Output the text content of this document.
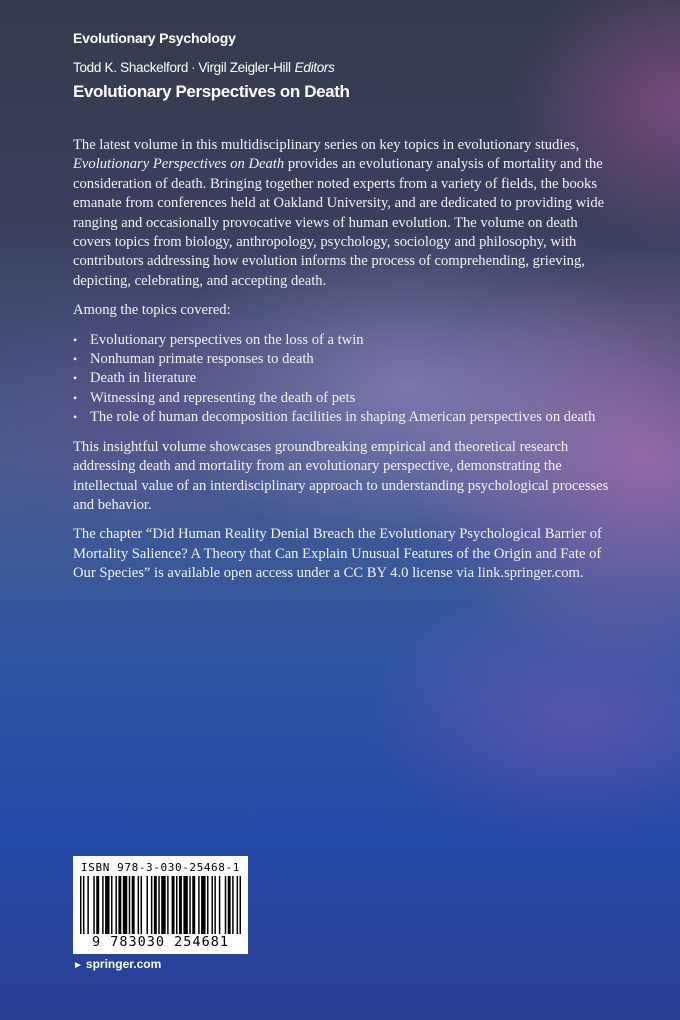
Evolutionary Psychology
Todd K. Shackelford · Virgil Zeigler-Hill Editors
Evolutionary Perspectives on Death

The latest volume in this multidisciplinary series on key topics in evolutionary studies, Evolutionary Perspectives on Death provides an evolutionary analysis of mortality and the consideration of death. Bringing together noted experts from a variety of fields, the books emanate from conferences held at Oakland University, and are dedicated to providing wide ranging and occasionally provocative views of human evolution. The volume on death covers topics from biology, anthropology, psychology, sociology and philosophy, with contributors addressing how evolution informs the process of comprehending, grieving, depicting, celebrating, and accepting death.

Among the topics covered:

• Evolutionary perspectives on the loss of a twin
• Nonhuman primate responses to death
• Death in literature
• Witnessing and representing the death of pets
• The role of human decomposition facilities in shaping American perspectives on death

This insightful volume showcases groundbreaking empirical and theoretical research addressing death and mortality from an evolutionary perspective, demonstrating the intellectual value of an interdisciplinary approach to understanding psychological processes and behavior.

The chapter “Did Human Reality Denial Breach the Evolutionary Psychological Barrier of Mortality Salience? A Theory that Can Explain Unusual Features of the Origin and Fate of Our Species” is available open access under a CC BY 4.0 license via link.springer.com.

ISBN 978-3-030-25468-1
9 783030 254681
► springer.com
